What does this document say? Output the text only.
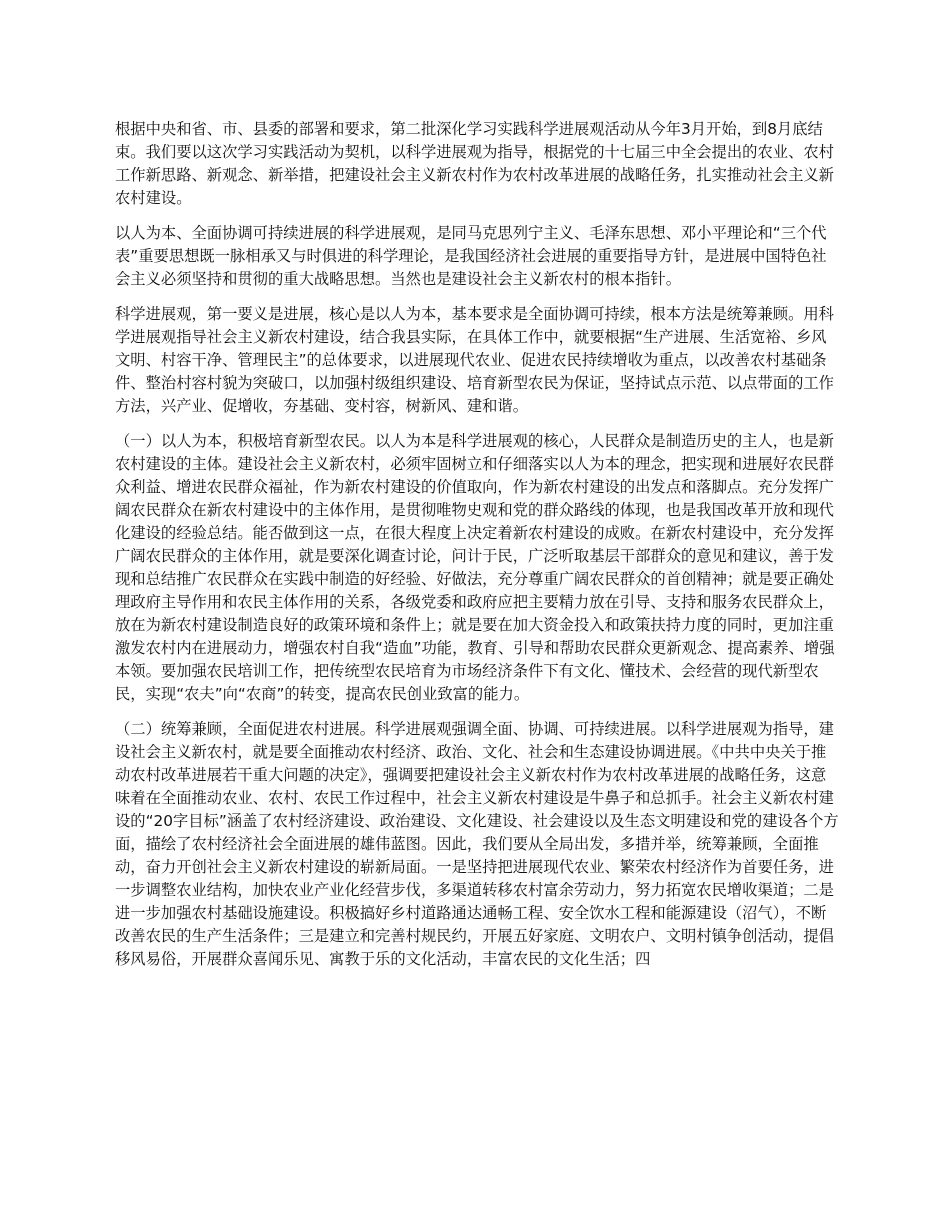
根据中央和省、市、县委的部署和要求，第二批深化学习实践科学进展观活动从今年3月开始，到8月底结束。我们要以这次学习实践活动为契机，以科学进展观为指导，根据党的十七届三中全会提出的农业、农村工作新思路、新观念、新举措，把建设社会主义新农村作为农村改革进展的战略任务，扎实推动社会主义新农村建设。

以人为本、全面协调可持续进展的科学进展观，是同马克思列宁主义、毛泽东思想、邓小平理论和“三个代表”重要思想既一脉相承又与时俱进的科学理论，是我国经济社会进展的重要指导方针，是进展中国特色社会主义必须坚持和贯彻的重大战略思想。当然也是建设社会主义新农村的根本指针。

科学进展观，第一要义是进展，核心是以人为本，基本要求是全面协调可持续，根本方法是统筹兼顾。用科学进展观指导社会主义新农村建设，结合我县实际，在具体工作中，就要根据“生产进展、生活宽裕、乡风文明、村容干净、管理民主”的总体要求，以进展现代农业、促进农民持续增收为重点，以改善农村基础条件、整治村容村貌为突破口，以加强村级组织建设、培育新型农民为保证，坚持试点示范、以点带面的工作方法，兴产业、促增收，夯基础、变村容，树新风、建和谐。

（一）以人为本，积极培育新型农民。以人为本是科学进展观的核心，人民群众是制造历史的主人，也是新农村建设的主体。建设社会主义新农村，必须牢固树立和仔细落实以人为本的理念，把实现和进展好农民群众利益、增进农民群众福祉，作为新农村建设的价值取向，作为新农村建设的出发点和落脚点。充分发挥广阔农民群众在新农村建设中的主体作用，是贯彻唯物史观和党的群众路线的体现，也是我国改革开放和现代化建设的经验总结。能否做到这一点，在很大程度上决定着新农村建设的成败。在新农村建设中，充分发挥广阔农民群众的主体作用，就是要深化调查讨论，问计于民，广泛听取基层干部群众的意见和建议，善于发现和总结推广农民群众在实践中制造的好经验、好做法，充分尊重广阔农民群众的首创精神；就是要正确处理政府主导作用和农民主体作用的关系，各级党委和政府应把主要精力放在引导、支持和服务农民群众上，放在为新农村建设制造良好的政策环境和条件上；就是要在加大资金投入和政策扶持力度的同时，更加注重激发农村内在进展动力，增强农村自我“造血”功能，教育、引导和帮助农民群众更新观念、提高素养、增强本领。要加强农民培训工作，把传统型农民培育为市场经济条件下有文化、懂技术、会经营的现代新型农民，实现“农夫”向“农商”的转变，提高农民创业致富的能力。

（二）统筹兼顾，全面促进农村进展。科学进展观强调全面、协调、可持续进展。以科学进展观为指导，建设社会主义新农村，就是要全面推动农村经济、政治、文化、社会和生态建设协调进展。《中共中央关于推动农村改革进展若干重大问题的决定》，强调要把建设社会主义新农村作为农村改革进展的战略任务，这意味着在全面推动农业、农村、农民工作过程中，社会主义新农村建设是牛鼻子和总抓手。社会主义新农村建设的“20字目标”涵盖了农村经济建设、政治建设、文化建设、社会建设以及生态文明建设和党的建设各个方面，描绘了农村经济社会全面进展的雄伟蓝图。因此，我们要从全局出发，多措并举，统筹兼顾，全面推动，奋力开创社会主义新农村建设的崭新局面。一是坚持把进展现代农业、繁荣农村经济作为首要任务，进一步调整农业结构，加快农业产业化经营步伐，多渠道转移农村富余劳动力，努力拓宽农民增收渠道；二是进一步加强农村基础设施建设。积极搞好乡村道路通达通畅工程、安全饮水工程和能源建设（沼气），不断改善农民的生产生活条件；三是建立和完善村规民约，开展五好家庭、文明农户、文明村镇争创活动，提倡移风易俗，开展群众喜闻乐见、寓教于乐的文化活动，丰富农民的文化生活；四
